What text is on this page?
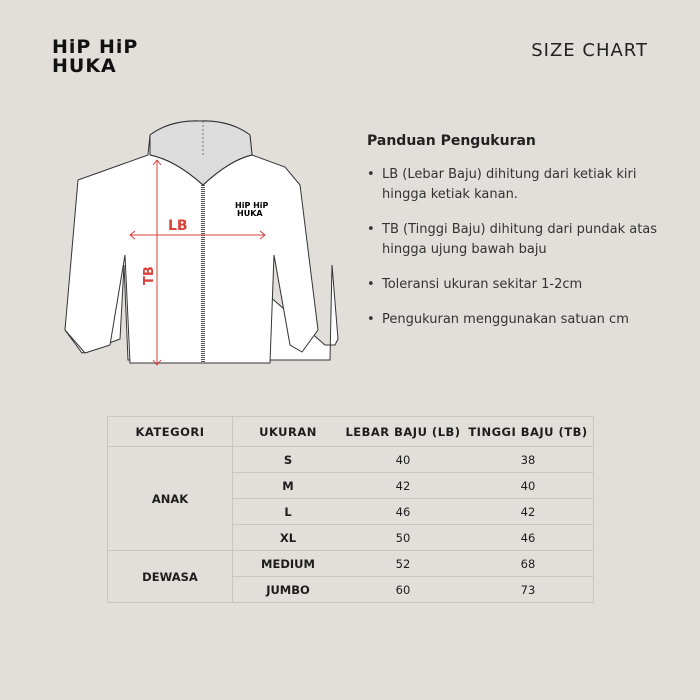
HiP HiP
HUKA
SIZE CHART
HiP HiP
HUKA
LB
TB
Panduan Pengukuran
• LB (Lebar Baju) dihitung dari ketiak kiri hingga ketiak kanan.
• TB (Tinggi Baju) dihitung dari pundak atas hingga ujung bawah baju
• Toleransi ukuran sekitar 1-2cm
• Pengukuran menggunakan satuan cm
KATEGORI	UKURAN	LEBAR BAJU (LB)	TINGGI BAJU (TB)
ANAK	S	40	38
	M	42	40
	L	46	42
	XL	50	46
DEWASA	MEDIUM	52	68
	JUMBO	60	73
